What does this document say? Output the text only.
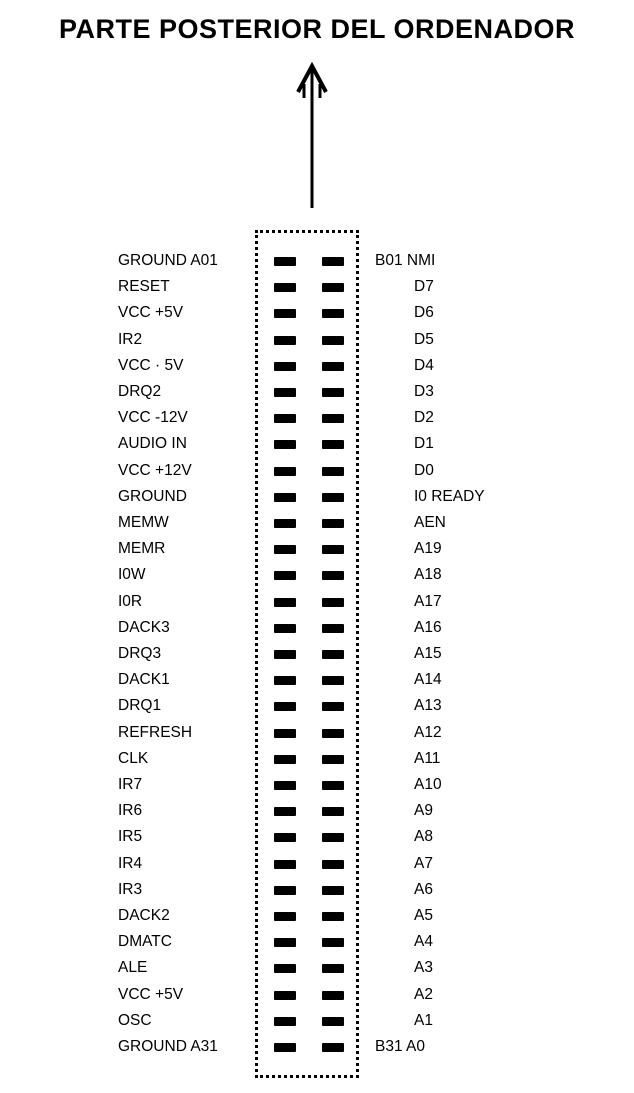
PARTE POSTERIOR DEL ORDENADOR
GROUND A01	B01 NMI
RESET	D7
VCC +5V	D6
IR2	D5
VCC · 5V	D4
DRQ2	D3
VCC -12V	D2
AUDIO IN	D1
VCC +12V	D0
GROUND	I0 READY
MEMW	AEN
MEMR	A19
I0W	A18
I0R	A17
DACK3	A16
DRQ3	A15
DACK1	A14
DRQ1	A13
REFRESH	A12
CLK	A11
IR7	A10
IR6	A9
IR5	A8
IR4	A7
IR3	A6
DACK2	A5
DMATC	A4
ALE	A3
VCC +5V	A2
OSC	A1
GROUND A31	B31 A0
